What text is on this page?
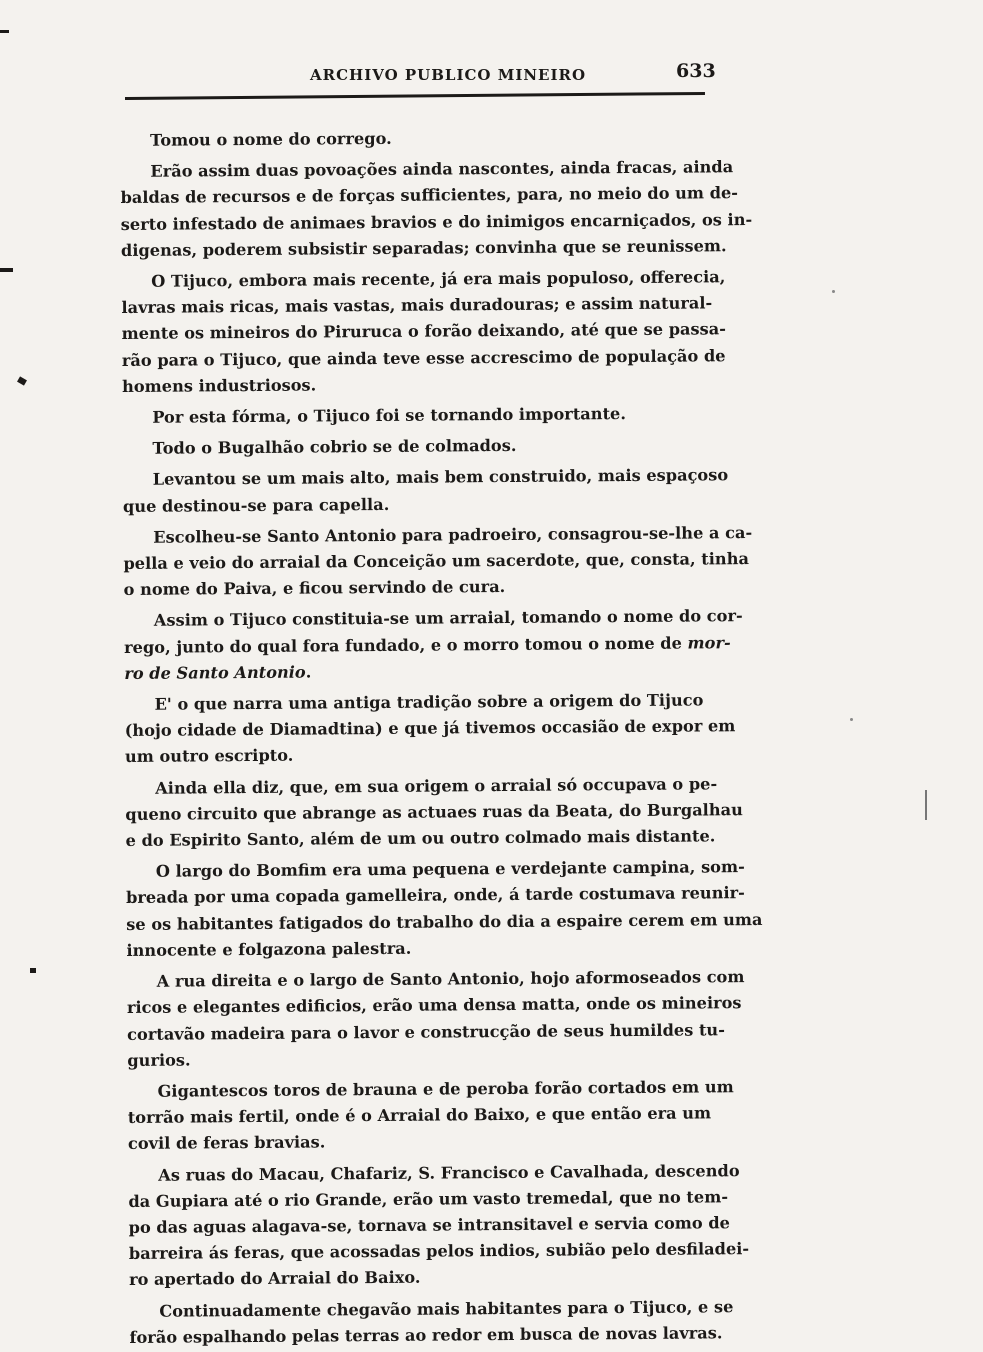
ARCHIVO PUBLICO MINEIRO	633
Tomou o nome do corrego.
Erão assim duas povoações ainda nascontes, ainda fracas, ainda
baldas de recursos e de forças sufficientes, para, no meio do um de-
serto infestado de animaes bravios e do inimigos encarniçados, os in-
digenas, poderem subsistir separadas; convinha que se reunissem.
O Tijuco, embora mais recente, já era mais populoso, offerecia,
lavras mais ricas, mais vastas, mais duradouras; e assim natural-
mente os mineiros do Piruruca o forão deixando, até que se passa-
rão para o Tijuco, que ainda teve esse accrescimo de população de
homens industriosos.
Por esta fórma, o Tijuco foi se tornando importante.
Todo o Bugalhão cobrio se de colmados.
Levantou se um mais alto, mais bem construido, mais espaçoso
que destinou-se para capella.
Escolheu-se Santo Antonio para padroeiro, consagrou-se-lhe a ca-
pella e veio do arraial da Conceição um sacerdote, que, consta, tinha
o nome do Paiva, e ficou servindo de cura.
Assim o Tijuco constituia-se um arraial, tomando o nome do cor-
rego, junto do qual fora fundado, e o morro tomou o nome de mor-
ro de Santo Antonio.
E' o que narra uma antiga tradição sobre a origem do Tijuco
(hojo cidade de Diamadtina) e que já tivemos occasião de expor em
um outro escripto.
Ainda ella diz, que, em sua origem o arraial só occupava o pe-
queno circuito que abrange as actuaes ruas da Beata, do Burgalhau
e do Espirito Santo, além de um ou outro colmado mais distante.
O largo do Bomfim era uma pequena e verdejante campina, som-
breada por uma copada gamelleira, onde, á tarde costumava reunir-
se os habitantes fatigados do trabalho do dia a espaire cerem em uma
innocente e folgazona palestra.
A rua direita e o largo de Santo Antonio, hojo aformoseados com
ricos e elegantes edificios, erão uma densa matta, onde os mineiros
cortavão madeira para o lavor e construcção de seus humildes tu-
gurios.
Gigantescos toros de brauna e de peroba forão cortados em um
torrão mais fertil, onde é o Arraial do Baixo, e que então era um
covil de feras bravias.
As ruas do Macau, Chafariz, S. Francisco e Cavalhada, descendo
da Gupiara até o rio Grande, erão um vasto tremedal, que no tem-
po das aguas alagava-se, tornava se intransitavel e servia como de
barreira ás feras, que acossadas pelos indios, subião pelo desfiladei-
ro apertado do Arraial do Baixo.
Continuadamente chegavão mais habitantes para o Tijuco, e se
forão espalhando pelas terras ao redor em busca de novas lavras.
